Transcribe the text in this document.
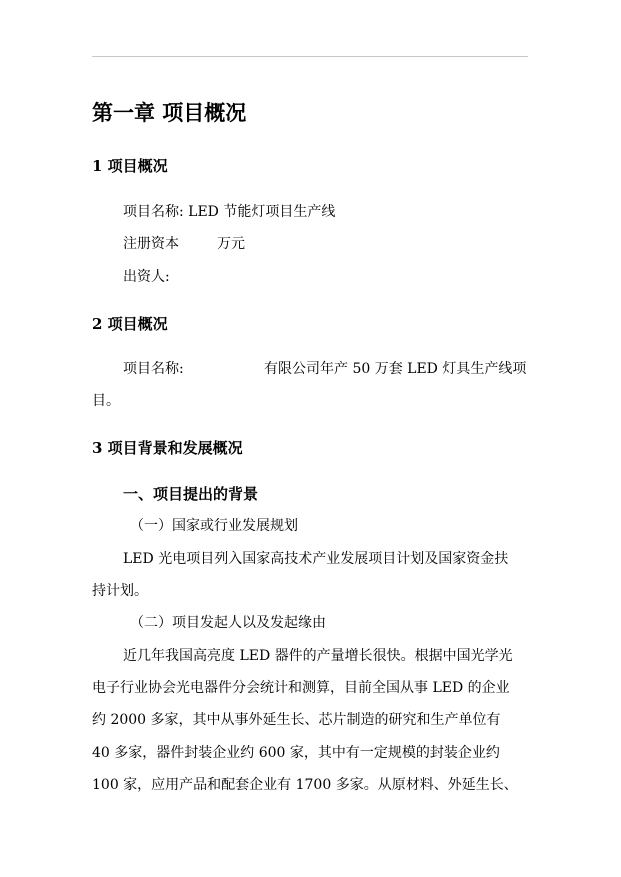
第一章 项目概况

1 项目概况

项目名称: LED 节能灯项目生产线

注册资本	万元

出资人:

2 项目概况

项目名称:	有限公司年产 50 万套 LED 灯具生产线项

目。

3 项目背景和发展概况

一、项目提出的背景

（一）国家或行业发展规划

LED 光电项目列入国家高技术产业发展项目计划及国家资金扶

持计划。

（二）项目发起人以及发起缘由

近几年我国高亮度 LED 器件的产量增长很快。根据中国光学光

电子行业协会光电器件分会统计和测算，目前全国从事 LED 的企业

约 2000 多家，其中从事外延生长、芯片制造的研究和生产单位有

40 多家，器件封装企业约 600 家，其中有一定规模的封装企业约

100 家，应用产品和配套企业有 1700 多家。从原材料、外延生长、
